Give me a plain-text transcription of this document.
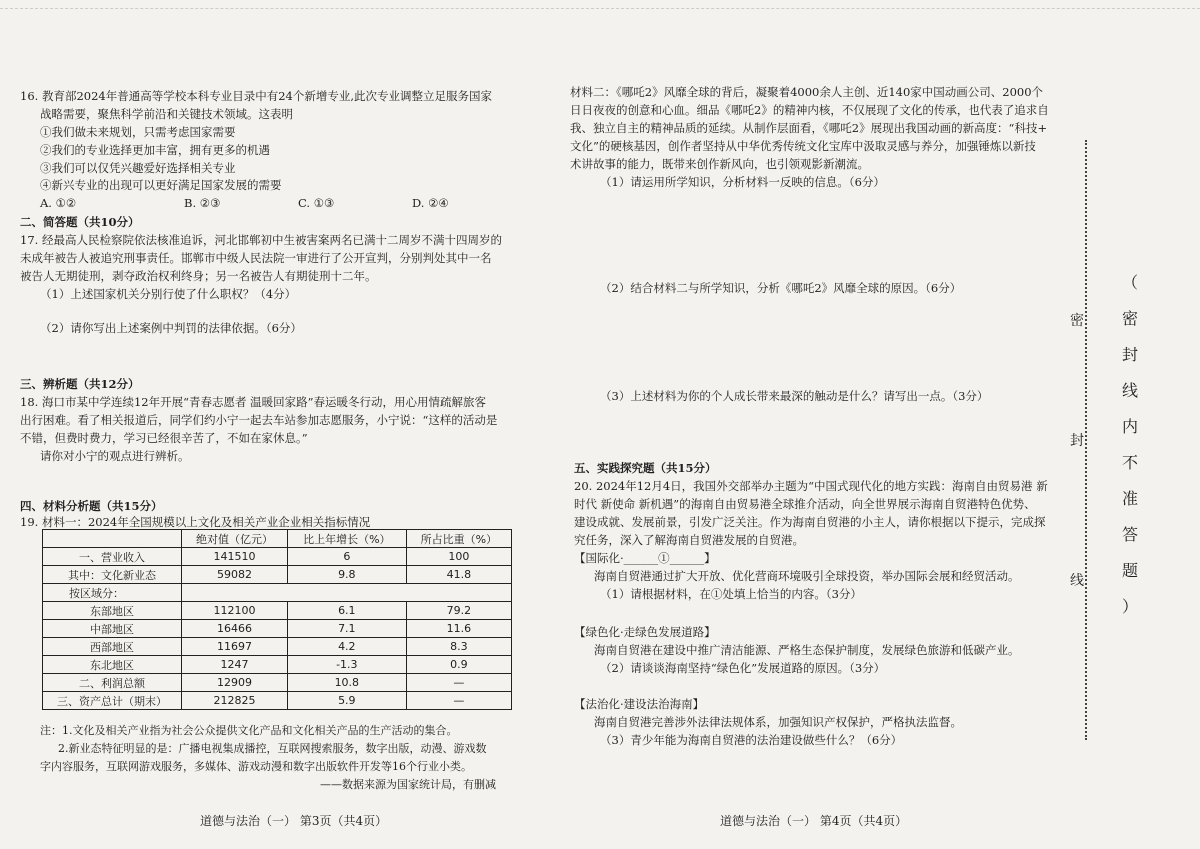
16. 教育部2024年普通高等学校本科专业目录中有24个新增专业,此次专业调整立足服务国家

战略需要，聚焦科学前沿和关键技术领域。这表明

①我们做未来规划，只需考虑国家需要

②我们的专业选择更加丰富，拥有更多的机遇

③我们可以仅凭兴趣爱好选择相关专业

④新兴专业的出现可以更好满足国家发展的需要

A. ①②	B. ②③	C. ①③	D. ②④

二、简答题（共10分）

17. 经最高人民检察院依法核准追诉，河北邯郸初中生被害案两名已满十二周岁不满十四周岁的

未成年被告人被追究刑事责任。邯郸市中级人民法院一审进行了公开宣判，分别判处其中一名

被告人无期徒刑，剥夺政治权利终身；另一名被告人有期徒刑十二年。

（1）上述国家机关分别行使了什么职权？（4分）

（2）请你写出上述案例中判罚的法律依据。（6分）

三、辨析题（共12分）

18. 海口市某中学连续12年开展“青春志愿者 温暖回家路”春运暖冬行动，用心用情疏解旅客

出行困难。看了相关报道后，同学们约小宁一起去车站参加志愿服务，小宁说：“这样的活动是

不错，但费时费力，学习已经很辛苦了，不如在家休息。”

请你对小宁的观点进行辨析。

四、材料分析题（共15分）

19. 材料一：2024年全国规模以上文化及相关产业企业相关指标情况

	绝对值（亿元）	比上年增长（%）	所占比重（%）
一、营业收入	141510	6	100
其中：文化新业态	59082	9.8	41.8
按区域分：			
东部地区	112100	6.1	79.2
中部地区	16466	7.1	11.6
西部地区	11697	4.2	8.3
东北地区	1247	-1.3	0.9
二、利润总额	12909	10.8	—
三、资产总计（期末）	212825	5.9	—

注：1.文化及相关产业指为社会公众提供文化产品和文化相关产品的生产活动的集合。

2.新业态特征明显的是：广播电视集成播控，互联网搜索服务，数字出版，动漫、游戏数

字内容服务，互联网游戏服务，多媒体、游戏动漫和数字出版软件开发等16个行业小类。

——数据来源为国家统计局，有删减

道德与法治（一） 第3页（共4页）

材料二：《哪吒2》风靡全球的背后，凝聚着4000余人主创、近140家中国动画公司、2000个

日日夜夜的创意和心血。细品《哪吒2》的精神内核，不仅展现了文化的传承，也代表了追求自

我、独立自主的精神品质的延续。从制作层面看，《哪吒2》展现出我国动画的新高度：“科技+

文化”的硬核基因，创作者坚持从中华优秀传统文化宝库中汲取灵感与养分，加强锤炼以新技

术讲故事的能力，既带来创作新风向，也引领观影新潮流。

（1）请运用所学知识，分析材料一反映的信息。（6分）

（2）结合材料二与所学知识，分析《哪吒2》风靡全球的原因。（6分）

（3）上述材料为你的个人成长带来最深的触动是什么？请写出一点。（3分）

五、实践探究题（共15分）

20. 2024年12月4日，我国外交部举办主题为“中国式现代化的地方实践：海南自由贸易港 新

时代 新使命 新机遇”的海南自由贸易港全球推介活动，向全世界展示海南自贸港特色优势、

建设成就、发展前景，引发广泛关注。作为海南自贸港的小主人，请你根据以下提示，完成探

究任务，深入了解海南自贸港发展的自贸港。

【国际化·______①______】

海南自贸港通过扩大开放、优化营商环境吸引全球投资，举办国际会展和经贸活动。

（1）请根据材料，在①处填上恰当的内容。（3分）

【绿色化·走绿色发展道路】

海南自贸港在建设中推广清洁能源、严格生态保护制度，发展绿色旅游和低碳产业。

（2）请谈谈海南坚持“绿色化”发展道路的原因。（3分）

【法治化·建设法治海南】

海南自贸港完善涉外法律法规体系，加强知识产权保护，严格执法监督。

（3）青少年能为海南自贸港的法治建设做些什么？（6分）

道德与法治（一） 第4页（共4页）

密
封
线
（
密
封
线
内
不
准
答
题
）
